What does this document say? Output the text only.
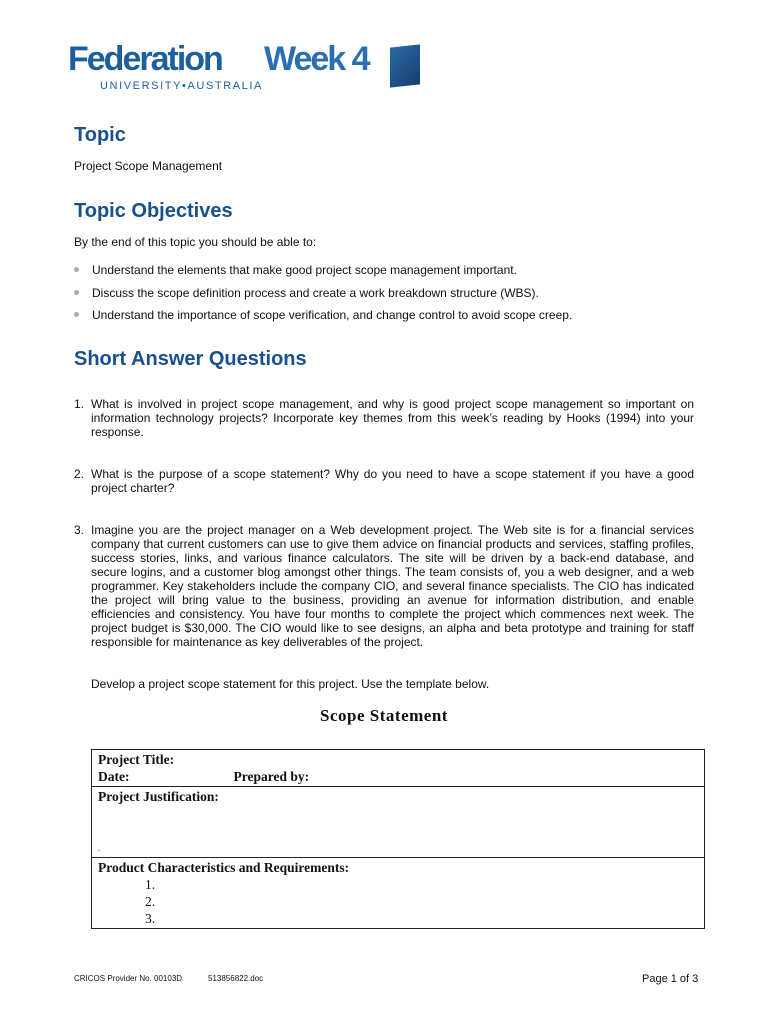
Federation Week 4
UNIVERSITY•AUSTRALIA
Topic
Project Scope Management
Topic Objectives
By the end of this topic you should be able to:
Understand the elements that make good project scope management important.
Discuss the scope definition process and create a work breakdown structure (WBS).
Understand the importance of scope verification, and change control to avoid scope creep.
Short Answer Questions
1. What is involved in project scope management, and why is good project scope management so important on information technology projects? Incorporate key themes from this week’s reading by Hooks (1994) into your response.
2. What is the purpose of a scope statement? Why do you need to have a scope statement if you have a good project charter?
3. Imagine you are the project manager on a Web development project. The Web site is for a financial services company that current customers can use to give them advice on financial products and services, staffing profiles, success stories, links, and various finance calculators. The site will be driven by a back-end database, and secure logins, and a customer blog amongst other things. The team consists of, you a web designer, and a web programmer. Key stakeholders include the company CIO, and several finance specialists. The CIO has indicated the project will bring value to the business, providing an avenue for information distribution, and enable efficiencies and consistency. You have four months to complete the project which commences next week. The project budget is $30,000. The CIO would like to see designs, an alpha and beta prototype and training for staff responsible for maintenance as key deliverables of the project.
Develop a project scope statement for this project. Use the template below.
Scope Statement
Project Title:
Date:	Prepared by:

Project Justification:
.

Product Characteristics and Requirements:
1.
2.
3.
CRICOS Provider No. 00103D	513856822.doc	Page 1 of 3
